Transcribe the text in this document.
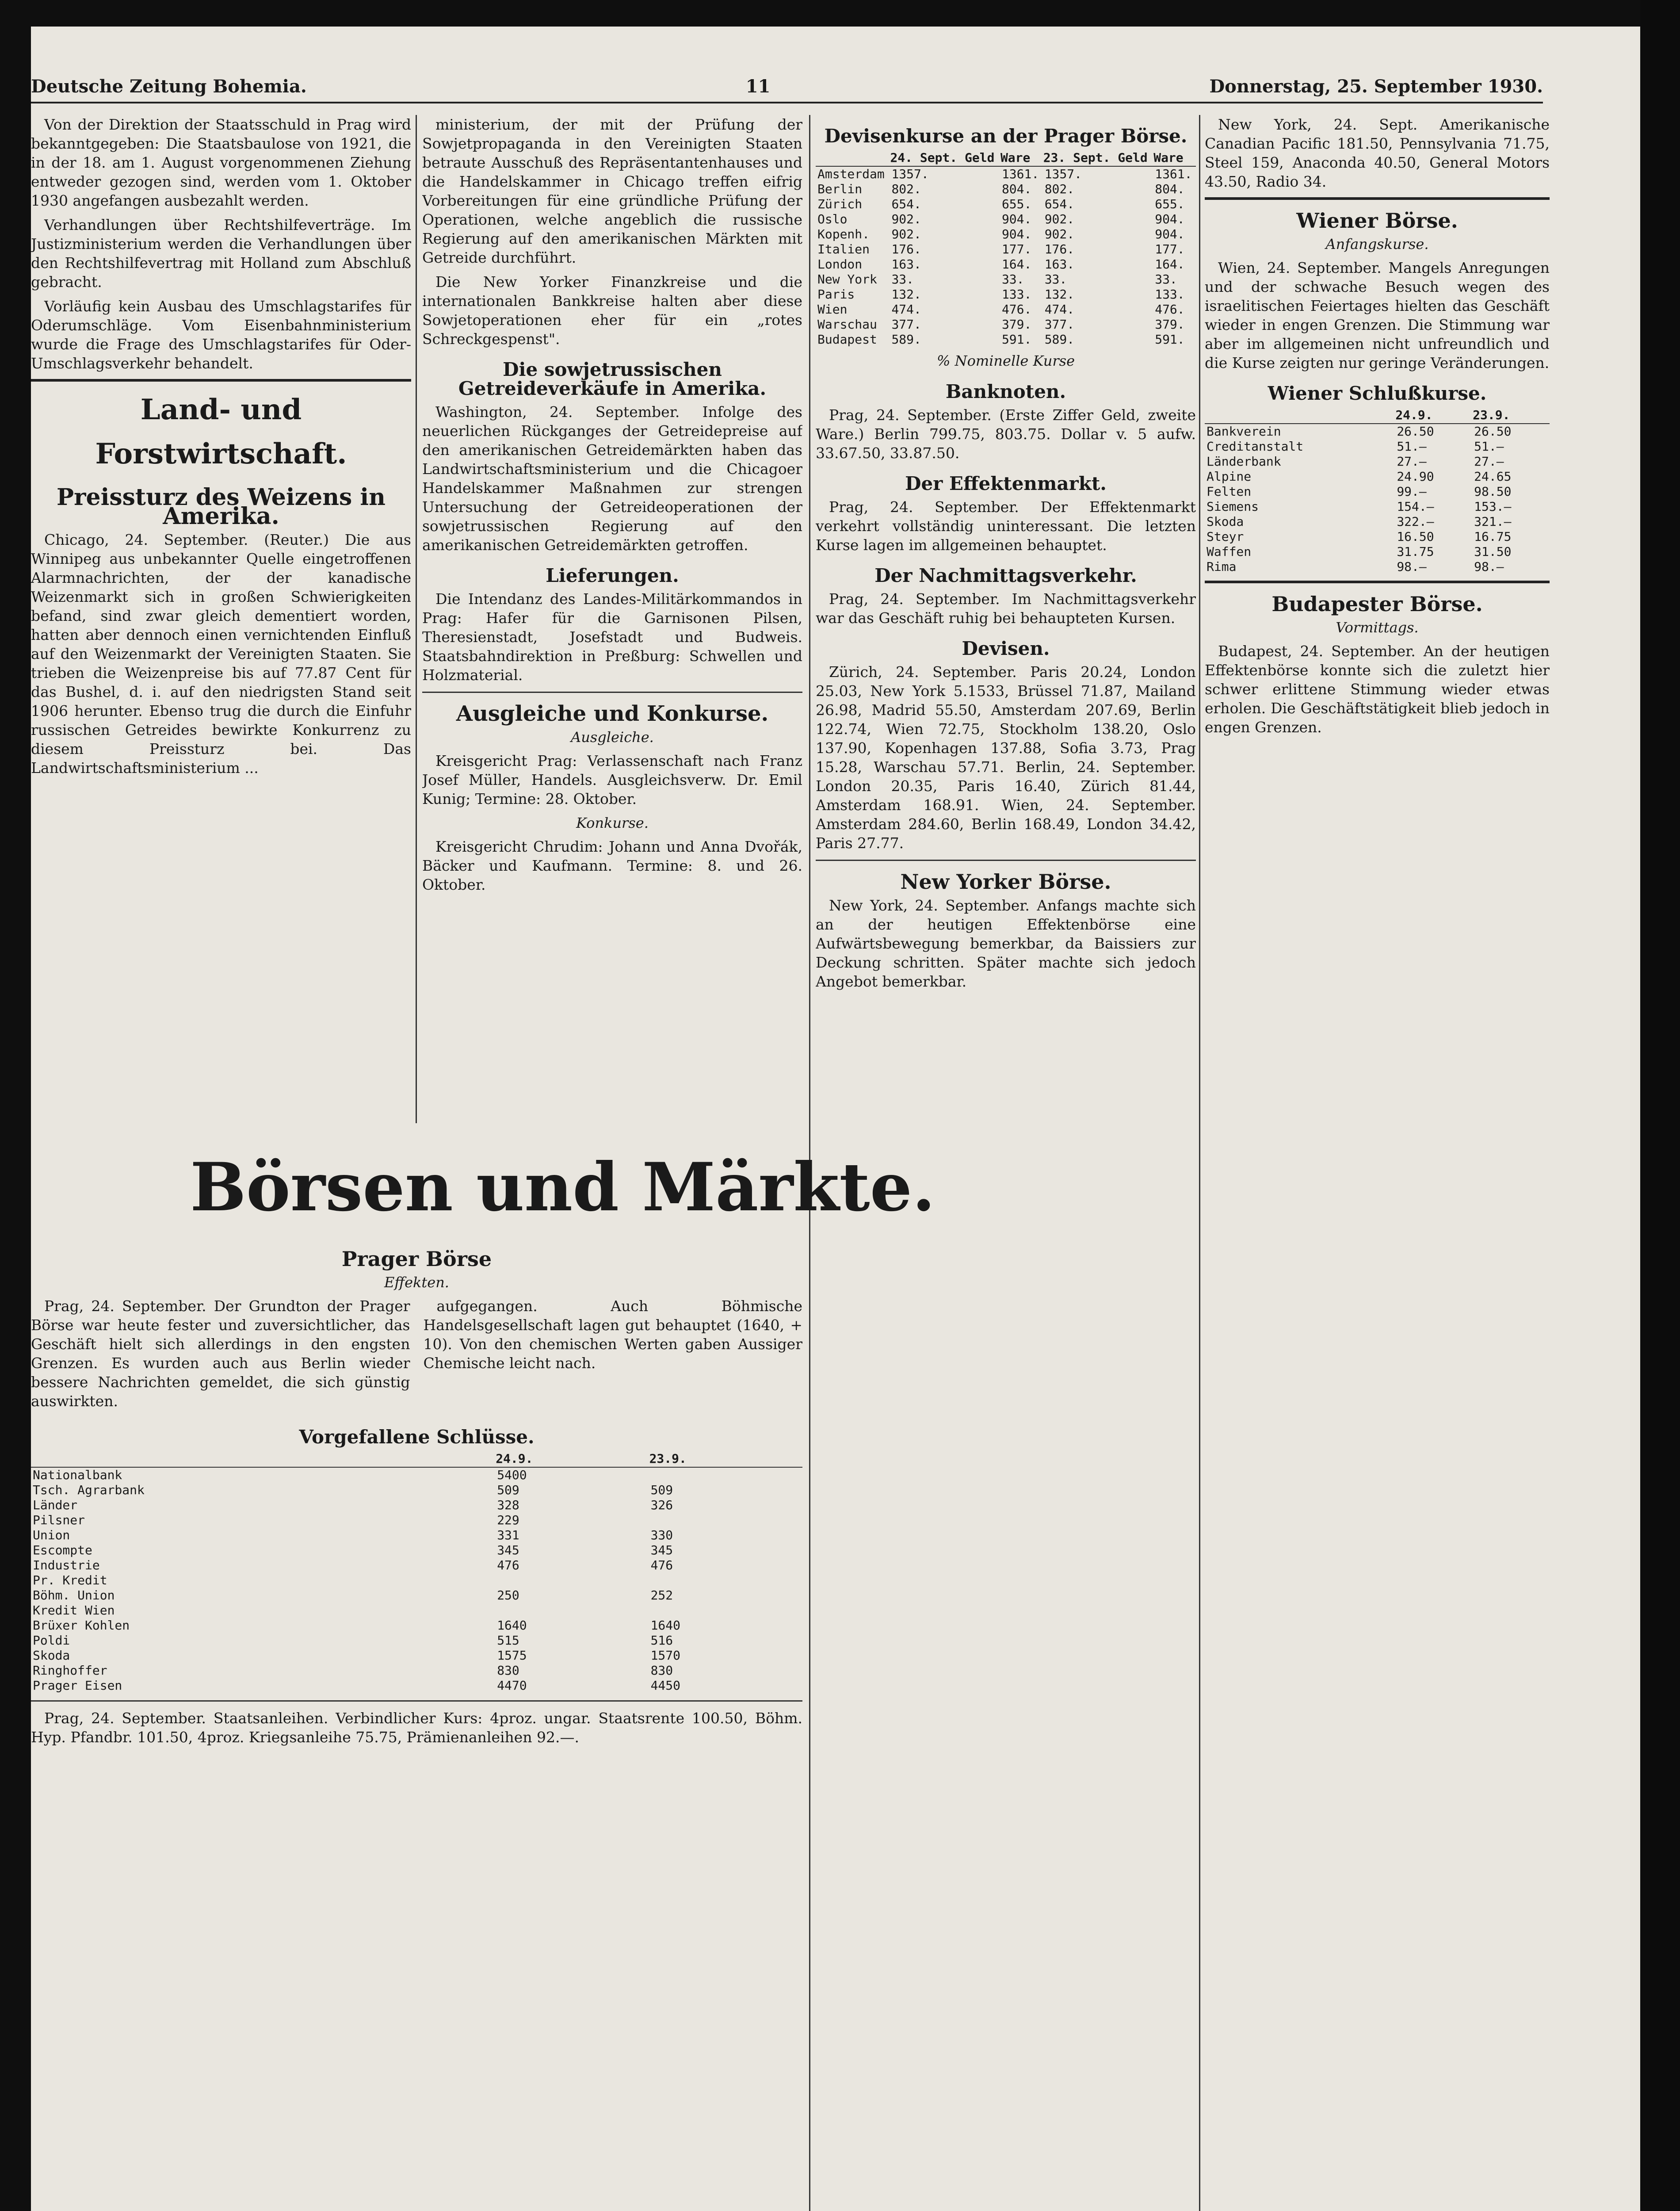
Deutsche Zeitung Bohemia.	11	Donnerstag, 25. September 1930.

Von der Direktion der Staatsschuld in Prag wird bekanntgegeben: Die Staatsbaulose von 1921, die in der 18. am 1. August vorgenommenen Ziehung entweder gezogen sind, werden vom 1. Oktober 1930 angefangen ausbezahlt werden.

Verhandlungen über Rechtshilfeverträge. Im Justizministerium werden die Verhandlungen über den Rechtshilfevertrag mit Holland zum Abschluß gebracht.

Vorläufig kein Ausbau des Umschlagstarifes für Oderumschläge. Vom Eisenbahnministerium wurde die Frage des Umschlagstarifes für Oder-Umschlagsverkehr behandelt.

Land- und Forstwirtschaft.
Preissturz des Weizens in Amerika.

Chicago, 24. September. (Reuter.) Die aus Winnipeg aus unbekannter Quelle eingetroffenen Alarmnachrichten, der der kanadische Weizenmarkt sich in großen Schwierigkeiten befand, sind zwar gleich dementiert worden, hatten aber dennoch einen vernichtenden Einfluß auf den Weizenmarkt der Vereinigten Staaten. Sie trieben die Weizenpreise bis auf 77.87 Cent für das Bushel, d. i. auf den niedrigsten Stand seit 1906 herunter. Ebenso trug die durch die Einfuhr russischen Getreides bewirkte Konkurrenz zu diesem Preissturz bei. Das Landwirtschaftsministerium ...

ministerium, der mit der Prüfung der Sowjetpropaganda in den Vereinigten Staaten betraute Ausschuß des Repräsentantenhauses und die Handelskammer in Chicago treffen eifrig Vorbereitungen für eine gründliche Prüfung der Operationen, welche angeblich die russische Regierung auf den amerikanischen Märkten mit Getreide durchführt.

Die New Yorker Finanzkreise und die internationalen Bankkreise halten aber diese Sowjetoperationen eher für ein „rotes Schreckgespenst".

Die sowjetrussischen Getreideverkäufe in Amerika.

Washington, 24. September. Infolge des neuerlichen Rückganges der Getreidepreise auf den amerikanischen Getreidemärkten haben das Landwirtschaftsministerium und die Chicagoer Handelskammer Maßnahmen zur strengen Untersuchung der Getreideoperationen der sowjetrussischen Regierung auf den amerikanischen Getreidemärkten getroffen.

Lieferungen.

Die Intendanz des Landes-Militärkommandos in Prag: Hafer für die Garnisonen Pilsen, Theresienstadt, Josefstadt und Budweis. Staatsbahndirektion in Preßburg: Schwellen und Holzmaterial.

Ausgleiche und Konkurse.
Ausgleiche.

Kreisgericht Prag: Verlassenschaft nach Franz Josef Müller, Handels. Ausgleichsverw. Dr. Emil Kunig; Termine: 28. Oktober.

Konkurse.

Kreisgericht Chrudim: Johann und Anna Dvořák, Bäcker und Kaufmann. Termine: 8. und 26. Oktober.

Börsen und Märkte.
Prager Börse
Effekten.

Prag, 24. September. Der Grundton der Prager Börse war heute fester und zuversichtlicher, das Geschäft hielt sich allerdings in den engsten Grenzen. Es wurden auch aus Berlin wieder bessere Nachrichten gemeldet, die sich günstig auswirkten.

aufgegangen. Auch Böhmische Handelsgesellschaft lagen gut behauptet (1640, + 10). Von den chemischen Werten gaben Aussiger Chemische leicht nach.

Vorgefallene Schlüsse.
	24.9.	23.9.
Nationalbank	5400	
Tsch. Agrarbank	509	509
Länder	328	326
Pilsner	229	
Union	331	330
Escompte	345	345
Industrie	476	476
Pr. Kredit		
Böhm. Union	250	252
Kredit Wien		
Brüxer Kohlen	1640	1640
Poldi	515	516
Skoda	1575	1570
Ringhoffer	830	830
Prager Eisen	4470	4450

Prag, 24. September. Staatsanleihen. Verbindlicher Kurs: 4proz. ungar. Staatsrente 100.50, Böhm. Hyp. Pfandbr. 101.50, 4proz. Kriegsanleihe 75.75, Prämienanleihen 92.—.

Devisenkurse an der Prager Börse.
	24. Sept. Geld	Ware	23. Sept. Geld	Ware
Amsterdam	1357.	1361.	1357.	1361.
Berlin	802.	804.	802.	804.
Zürich	654.	655.	654.	655.
Oslo	902.	904.	902.	904.
Kopenh.	902.	904.	902.	904.
Italien	176.	177.	176.	177.
London	163.	164.	163.	164.
New York	33.	33.	33.	33.
Paris	132.	133.	132.	133.
Wien	474.	476.	474.	476.
Warschau	377.	379.	377.	379.
Budapest	589.	591.	589.	591.
% Nominelle Kurse
Banknoten.

Prag, 24. September. (Erste Ziffer Geld, zweite Ware.) Berlin 799.75, 803.75. Dollar v. 5 aufw. 33.67.50, 33.87.50.

Der Effektenmarkt.

Prag, 24. September. Der Effektenmarkt verkehrt vollständig uninteressant. Die letzten Kurse lagen im allgemeinen behauptet.

Der Nachmittagsverkehr.

Prag, 24. September. Im Nachmittagsverkehr war das Geschäft ruhig bei behaupteten Kursen.

Devisen.

Zürich, 24. September. Paris 20.24, London 25.03, New York 5.1533, Brüssel 71.87, Mailand 26.98, Madrid 55.50, Amsterdam 207.69, Berlin 122.74, Wien 72.75, Stockholm 138.20, Oslo 137.90, Kopenhagen 137.88, Sofia 3.73, Prag 15.28, Warschau 57.71. Berlin, 24. September. London 20.35, Paris 16.40, Zürich 81.44, Amsterdam 168.91. Wien, 24. September. Amsterdam 284.60, Berlin 168.49, London 34.42, Paris 27.77.

New Yorker Börse.

New York, 24. September. Anfangs machte sich an der heutigen Effektenbörse eine Aufwärtsbewegung bemerkbar, da Baissiers zur Deckung schritten. Später machte sich jedoch Angebot bemerkbar.

New York, 24. Sept. Amerikanische Canadian Pacific 181.50, Pennsylvania 71.75, Steel 159, Anaconda 40.50, General Motors 43.50, Radio 34.

Wiener Börse.
Anfangskurse.

Wien, 24. September. Mangels Anregungen und der schwache Besuch wegen des israelitischen Feiertages hielten das Geschäft wieder in engen Grenzen. Die Stimmung war aber im allgemeinen nicht unfreundlich und die Kurse zeigten nur geringe Veränderungen.

Wiener Schlußkurse.
	24.9.	23.9.
Bankverein	26.50	26.50
Creditanstalt	51.—	51.—
Länderbank	27.—	27.—
Alpine	24.90	24.65
Felten	99.—	98.50
Siemens	154.—	153.—
Skoda	322.—	321.—
Steyr	16.50	16.75
Waffen	31.75	31.50
Rima	98.—	98.—
Budapester Börse.
Vormittags.

Budapest, 24. September. An der heutigen Effektenbörse konnte sich die zuletzt hier schwer erlittene Stimmung wieder etwas erholen. Die Geschäftstätigkeit blieb jedoch in engen Grenzen.
